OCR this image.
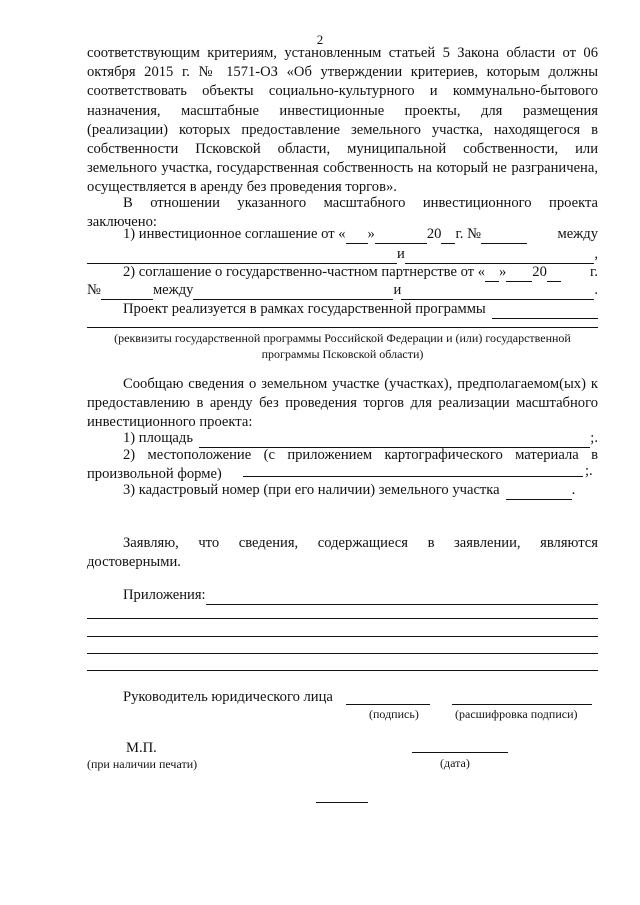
2
соответствующим критериям, установленным статьей 5 Закона области от 06 октября 2015 г. № 1571-ОЗ «Об утверждении критериев, которым должны соответствовать объекты социально-культурного и коммунально-бытового назначения, масштабные инвестиционные проекты, для размещения (реализации) которых предоставление земельного участка, находящегося в собственности Псковской области, муниципальной собственности, или земельного участка, государственная собственность на который не разграничена, осуществляется в аренду без проведения торгов».
В отношении указанного масштабного инвестиционного проекта заключено:
1) инвестиционное соглашение от « »	20 г. №	между
и	,
2) соглашение о государственно-частном партнерстве от « » 20	г.
№	между	и	.
Проект реализуется в рамках государственной программы
(реквизиты государственной программы Российской Федерации и (или) государственной программы Псковской области)
Сообщаю сведения о земельном участке (участках), предполагаемом(ых) к предоставлению в аренду без проведения торгов для реализации масштабного инвестиционного проекта:
1) площадь	;.
2) местоположение (с приложением картографического материала в произвольной форме)	;.
3) кадастровый номер (при его наличии) земельного участка	.
Заявляю, что сведения, содержащиеся в заявлении, являются достоверными.
Приложения:
Руководитель юридического лица
(подпись)	(расшифровка подписи)
М.П.
(при наличии печати)	(дата)
